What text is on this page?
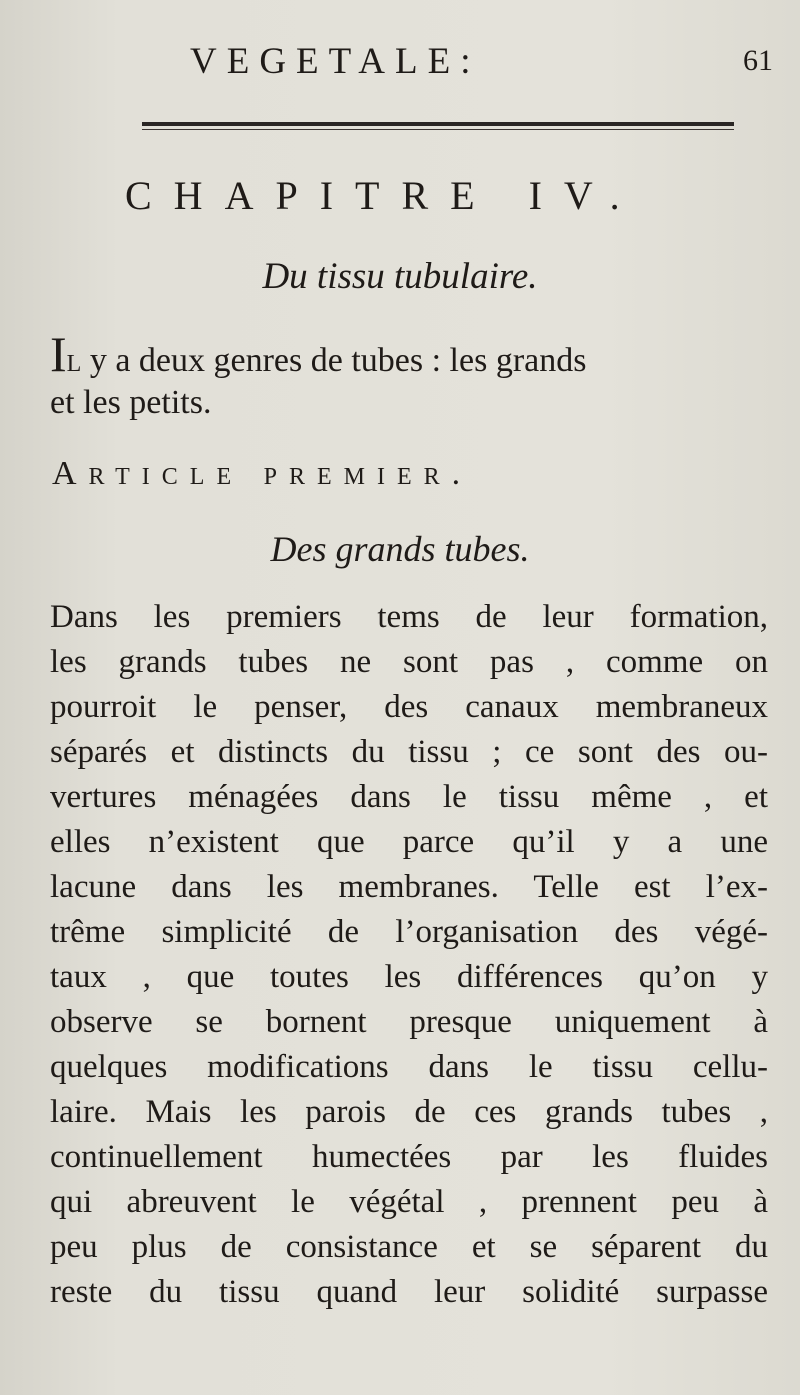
VEGETALE:	61
CHAPITRE IV.
Du tissu tubulaire.
Il y a deux genres de tubes : les grands
et les petits.
Article premier.
Des grands tubes.
Dans les premiers tems de leur formation,
les grands tubes ne sont pas , comme on
pourroit le penser, des canaux membraneux
séparés et distincts du tissu ; ce sont des ou-
vertures ménagées dans le tissu même , et
elles n’existent que parce qu’il y a une
lacune dans les membranes. Telle est l’ex-
trême simplicité de l’organisation des végé-
taux , que toutes les différences qu’on y
observe se bornent presque uniquement à
quelques modifications dans le tissu cellu-
laire. Mais les parois de ces grands tubes ,
continuellement humectées par les fluides
qui abreuvent le végétal , prennent peu à
peu plus de consistance et se séparent du
reste du tissu quand leur solidité surpasse
